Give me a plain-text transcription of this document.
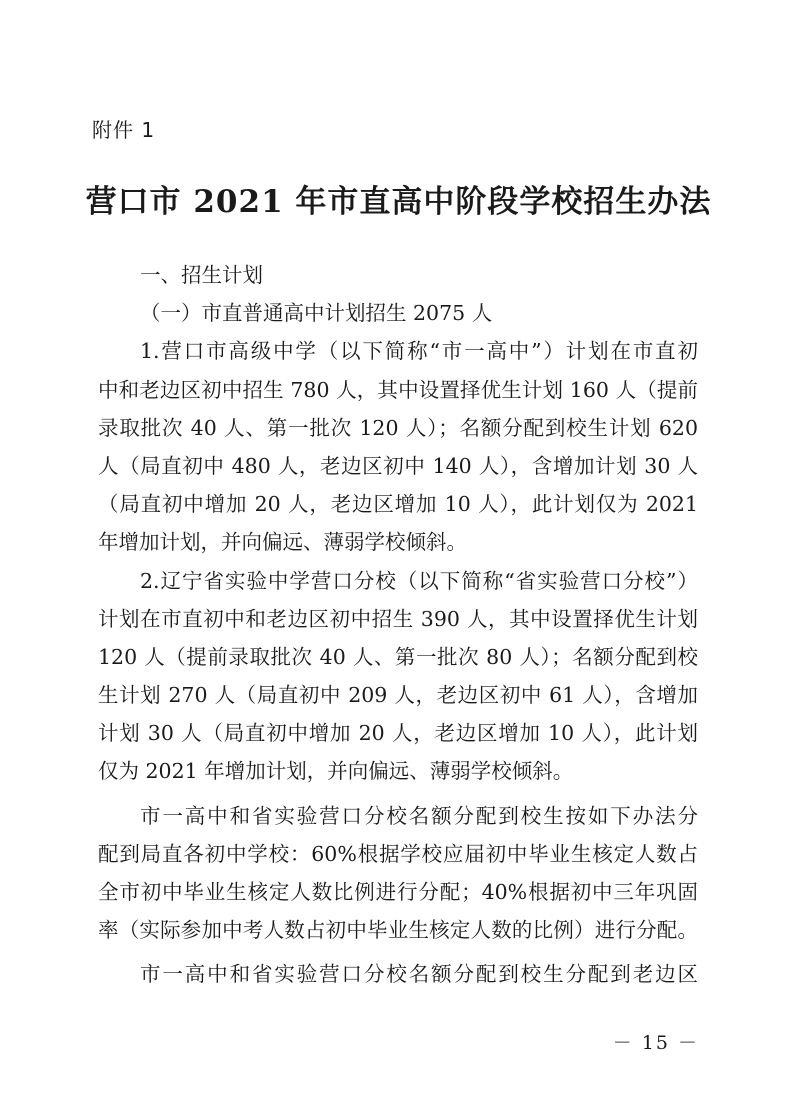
附件 1
营口市 2021 年市直高中阶段学校招生办法
一、招生计划
（一）市直普通高中计划招生 2075 人
1.营口市高级中学（以下简称“市一高中”）计划在市直初
中和老边区初中招生 780 人，其中设置择优生计划 160 人（提前
录取批次 40 人、第一批次 120 人）；名额分配到校生计划 620
人（局直初中 480 人，老边区初中 140 人），含增加计划 30 人
（局直初中增加 20 人，老边区增加 10 人），此计划仅为 2021
年增加计划，并向偏远、薄弱学校倾斜。
2.辽宁省实验中学营口分校（以下简称“省实验营口分校”）
计划在市直初中和老边区初中招生 390 人，其中设置择优生计划
120 人（提前录取批次 40 人、第一批次 80 人）；名额分配到校
生计划 270 人（局直初中 209 人，老边区初中 61 人），含增加
计划 30 人（局直初中增加 20 人，老边区增加 10 人），此计划
仅为 2021 年增加计划，并向偏远、薄弱学校倾斜。
市一高中和省实验营口分校名额分配到校生按如下办法分
配到局直各初中学校：60%根据学校应届初中毕业生核定人数占
全市初中毕业生核定人数比例进行分配；40%根据初中三年巩固
率（实际参加中考人数占初中毕业生核定人数的比例）进行分配。
市一高中和省实验营口分校名额分配到校生分配到老边区
－ 15 －
